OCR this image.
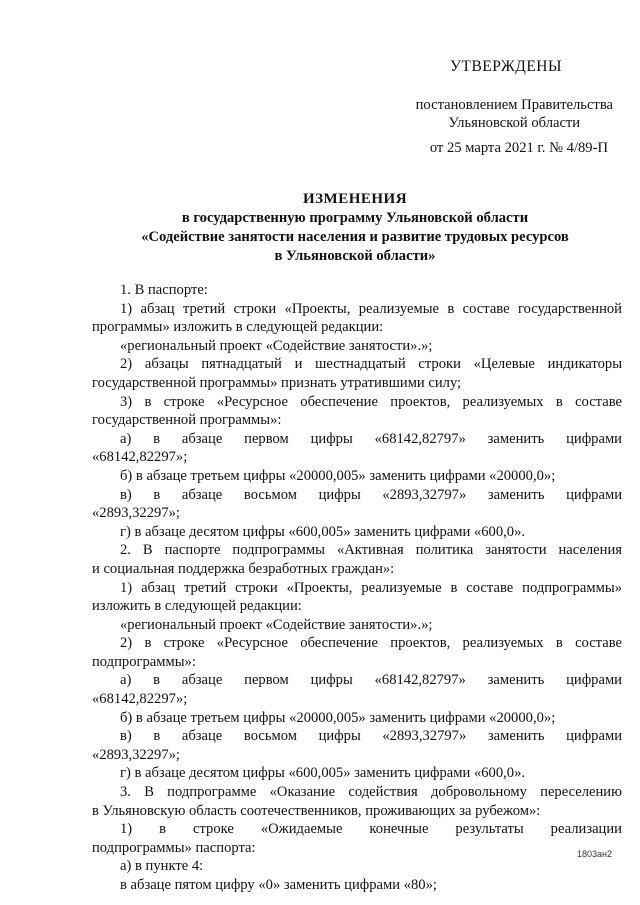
УТВЕРЖДЕНЫ
постановлением Правительства
Ульяновской области
от 25 марта 2021 г. № 4/89-П
ИЗМЕНЕНИЯ
в государственную программу Ульяновской области
«Содействие занятости населения и развитие трудовых ресурсов
в Ульяновской области»
1. В паспорте:
1) абзац третий строки «Проекты, реализуемые в составе государственной
программы» изложить в следующей редакции:
«региональный проект «Содействие занятости».»;
2) абзацы пятнадцатый и шестнадцатый строки «Целевые индикаторы
государственной программы» признать утратившими силу;
3) в строке «Ресурсное обеспечение проектов, реализуемых в составе
государственной программы»:
а) в абзаце первом цифры «68142,82797» заменить цифрами
«68142,82297»;
б) в абзаце третьем цифры «20000,005» заменить цифрами «20000,0»;
в) в абзаце восьмом цифры «2893,32797» заменить цифрами
«2893,32297»;
г) в абзаце десятом цифры «600,005» заменить цифрами «600,0».
2. В паспорте подпрограммы «Активная политика занятости населения
и социальная поддержка безработных граждан»:
1) абзац третий строки «Проекты, реализуемые в составе подпрограммы»
изложить в следующей редакции:
«региональный проект «Содействие занятости».»;
2) в строке «Ресурсное обеспечение проектов, реализуемых в составе
подпрограммы»:
а) в абзаце первом цифры «68142,82797» заменить цифрами
«68142,82297»;
б) в абзаце третьем цифры «20000,005» заменить цифрами «20000,0»;
в) в абзаце восьмом цифры «2893,32797» заменить цифрами
«2893,32297»;
г) в абзаце десятом цифры «600,005» заменить цифрами «600,0».
3. В подпрограмме «Оказание содействия добровольному переселению
в Ульяновскую область соотечественников, проживающих за рубежом»:
1) в строке «Ожидаемые конечные результаты реализации
подпрограммы» паспорта:
а) в пункте 4:
в абзаце пятом цифру «0» заменить цифрами «80»;
1803ан2
